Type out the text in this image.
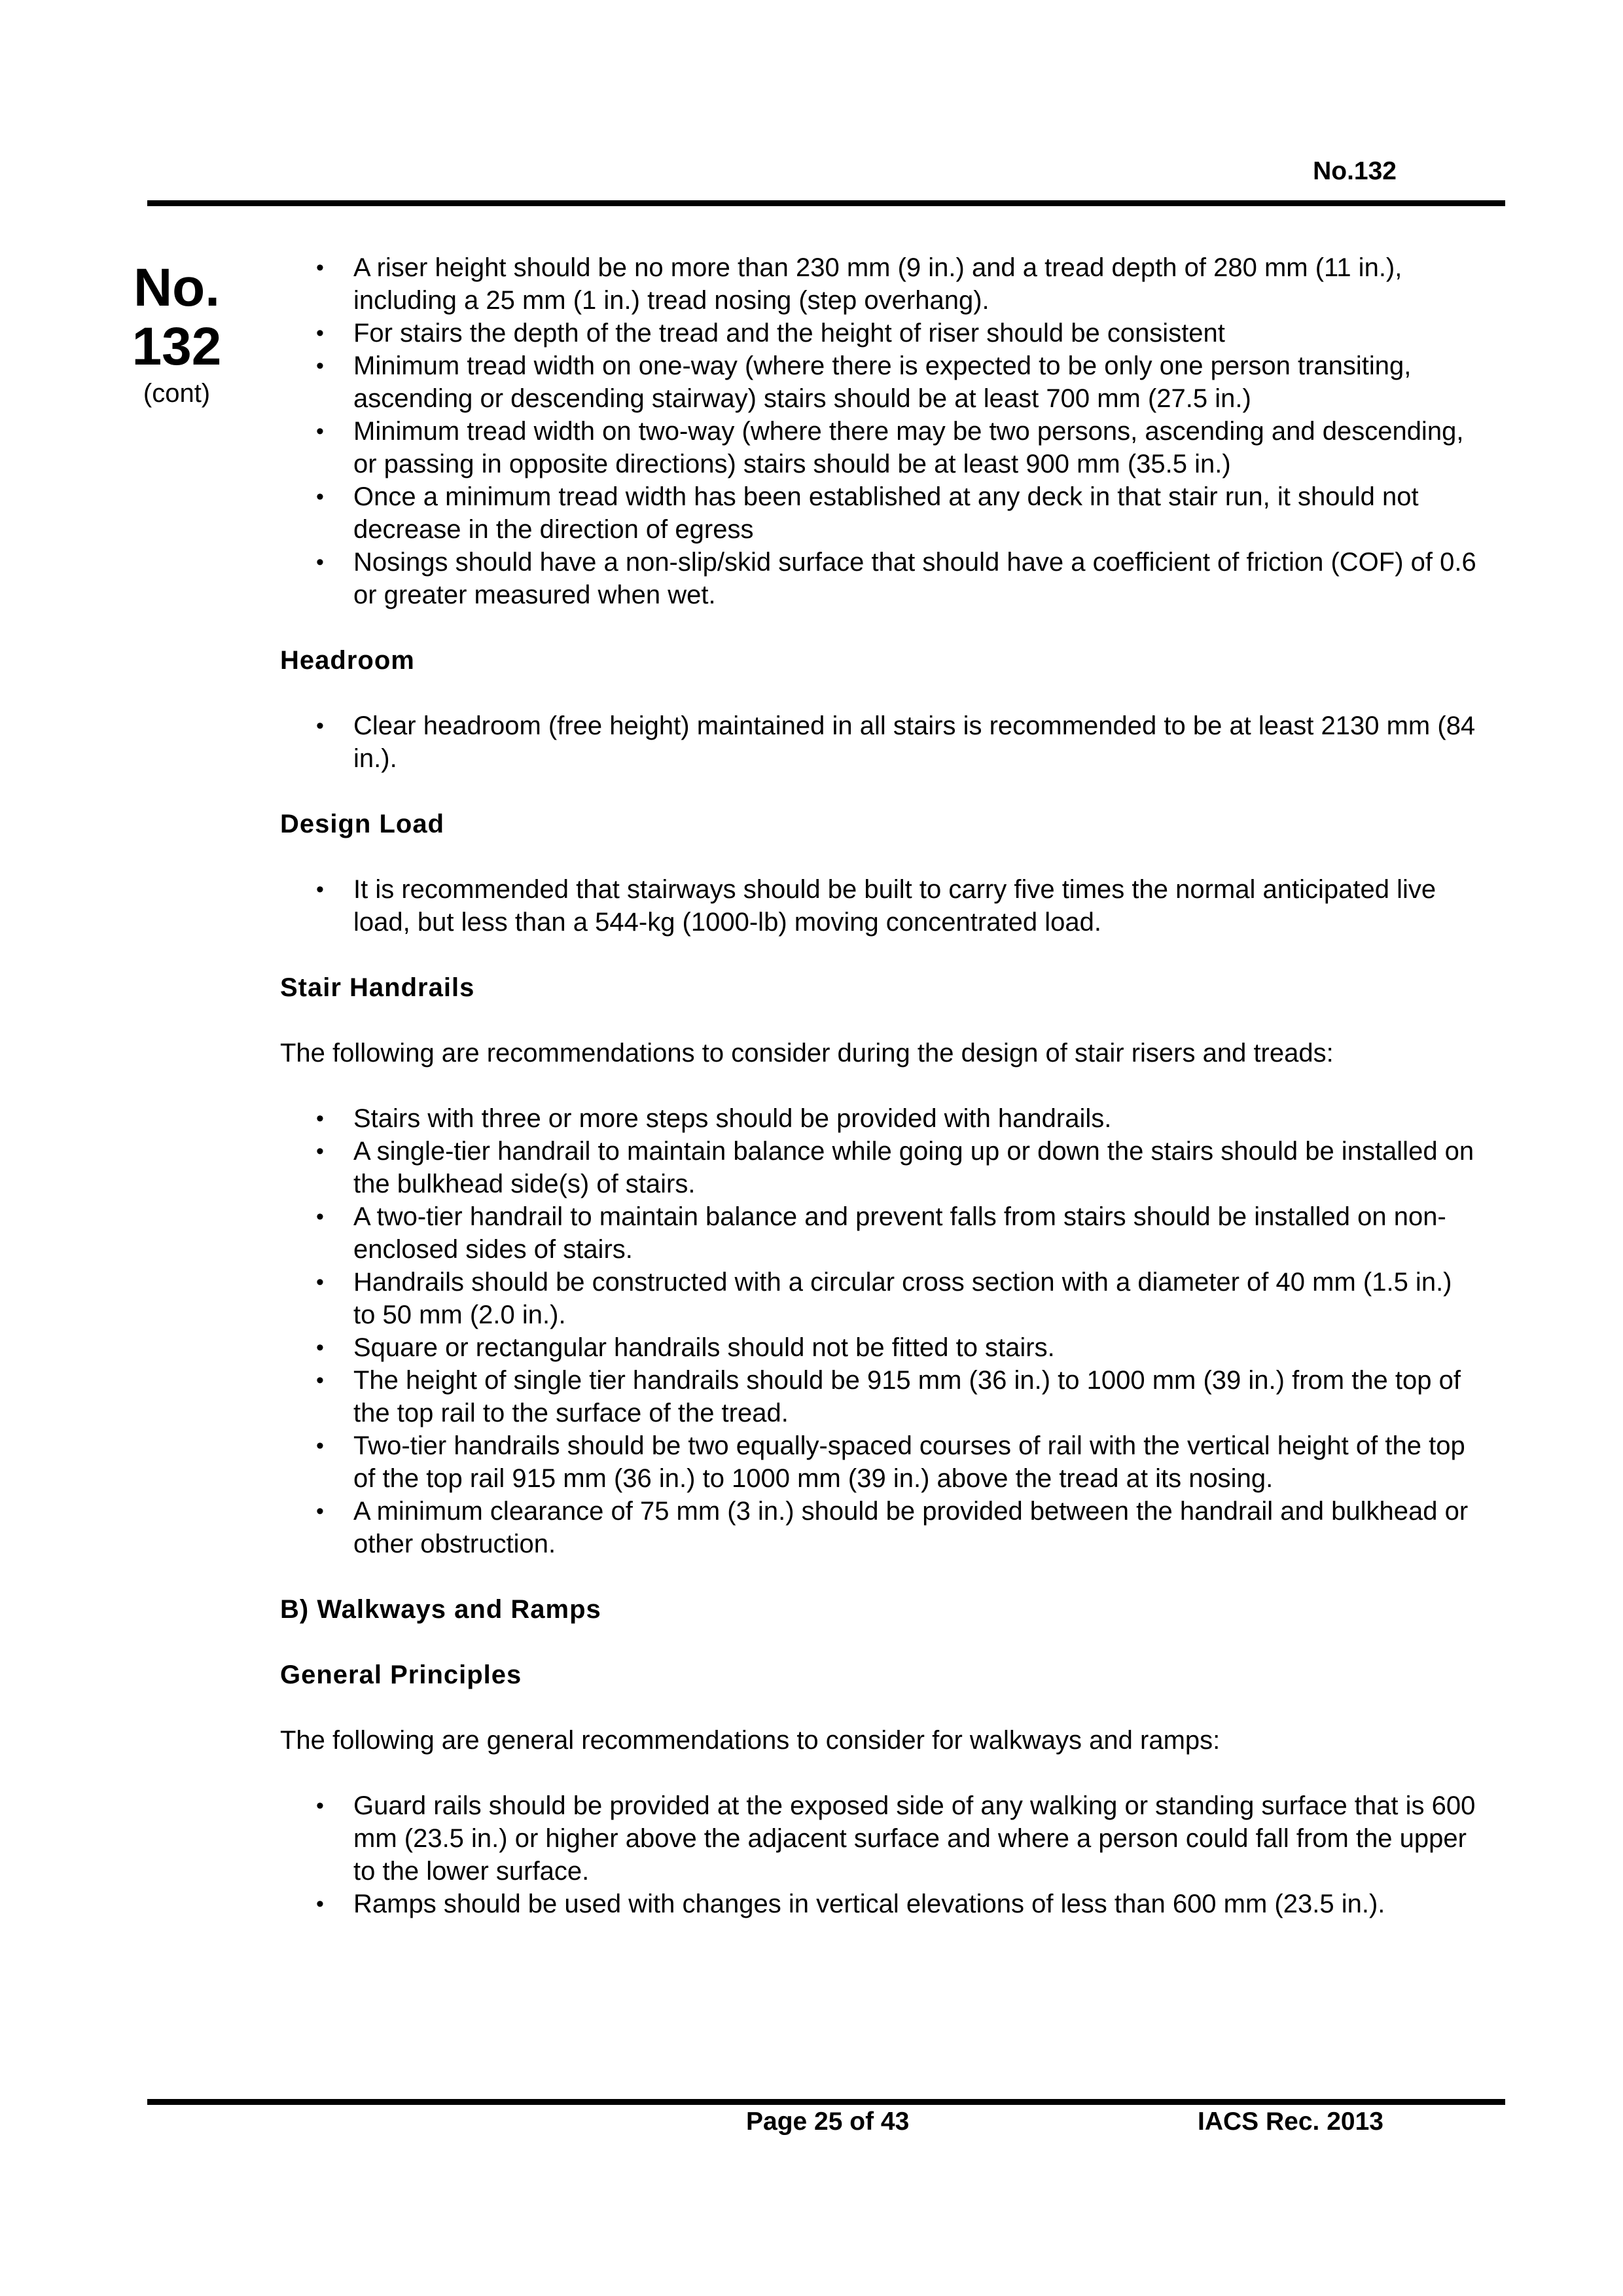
No.132
No.
132
(cont)
• A riser height should be no more than 230 mm (9 in.) and a tread depth of 280 mm (11 in.), including a 25 mm (1 in.) tread nosing (step overhang).
• For stairs the depth of the tread and the height of riser should be consistent
• Minimum tread width on one-way (where there is expected to be only one person transiting, ascending or descending stairway) stairs should be at least 700 mm (27.5 in.)
• Minimum tread width on two-way (where there may be two persons, ascending and descending, or passing in opposite directions) stairs should be at least 900 mm (35.5 in.)
• Once a minimum tread width has been established at any deck in that stair run, it should not decrease in the direction of egress
• Nosings should have a non-slip/skid surface that should have a coefficient of friction (COF) of 0.6 or greater measured when wet.
Headroom
• Clear headroom (free height) maintained in all stairs is recommended to be at least 2130 mm (84 in.).
Design Load
• It is recommended that stairways should be built to carry five times the normal anticipated live load, but less than a 544-kg (1000-lb) moving concentrated load.
Stair Handrails

The following are recommendations to consider during the design of stair risers and treads:

• Stairs with three or more steps should be provided with handrails.
• A single-tier handrail to maintain balance while going up or down the stairs should be installed on the bulkhead side(s) of stairs.
• A two-tier handrail to maintain balance and prevent falls from stairs should be installed on non-enclosed sides of stairs.
• Handrails should be constructed with a circular cross section with a diameter of 40 mm (1.5 in.) to 50 mm (2.0 in.).
• Square or rectangular handrails should not be fitted to stairs.
• The height of single tier handrails should be 915 mm (36 in.) to 1000 mm (39 in.) from the top of the top rail to the surface of the tread.
• Two-tier handrails should be two equally-spaced courses of rail with the vertical height of the top of the top rail 915 mm (36 in.) to 1000 mm (39 in.) above the tread at its nosing.
• A minimum clearance of 75 mm (3 in.) should be provided between the handrail and bulkhead or other obstruction.
B) Walkways and Ramps
General Principles

The following are general recommendations to consider for walkways and ramps:

• Guard rails should be provided at the exposed side of any walking or standing surface that is 600 mm (23.5 in.) or higher above the adjacent surface and where a person could fall from the upper to the lower surface.
• Ramps should be used with changes in vertical elevations of less than 600 mm (23.5 in.).
Page 25 of 43	IACS Rec. 2013
